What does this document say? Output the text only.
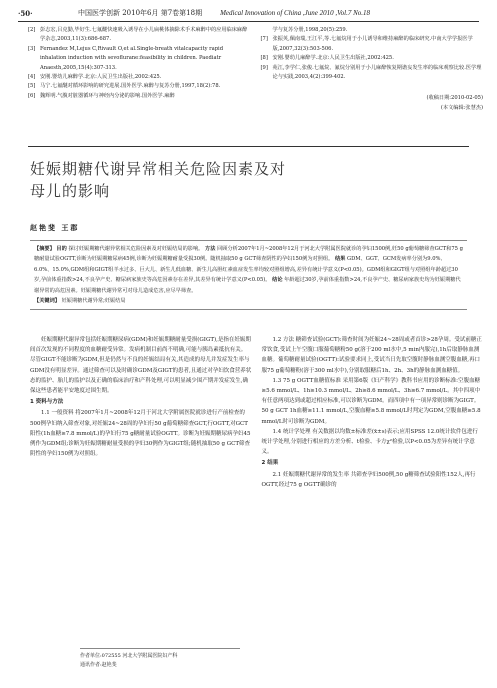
·50·	中国医学创新 2010年6月 第7卷第18期	Medical Innovation of China ,June 2010 ,Vol.7 No.18
[2] 彭志宏,吕克勤,毕好生.七氟醚快速吸入诱导在小儿扁桃体摘除术手术麻醉中的应用临床麻醉学杂志,2003,11(3):686-687.
[3] Fernandez M,Lejus C,Rivault O,et al.Single-breath vitalcapacity rapid inhalation induction with sevoflurane:feasibility in children. Paediatr Anaesth,2005,15(4):307-313.
[4] 安刚.婴幼儿麻醉学.北京:人民卫生出版社,2002:425.
[5] 马宁.七氟醚对循环影响的研究进展.国外医学.麻醉与复苏分册,1997,18(2):78.
[6] 魏辉明.气腹对脏器循环与神经内分泌的影响.国外医学.麻醉
学与复苏分册,1998,20(5):259.
[7] 张振英,佩南瑞,王江平,等.七氟烷用于小儿诱导和维持麻醉的临床研究.中南大学学报医学版,2007,32(3):503-506.
[8] 安刚.婴幼儿麻醉学.北京:人民卫生出版社,2002:425.
[9] 苑江,李学仁,张俊.七氟烷、氟烷分别用于小儿麻醉恢复期谵妄发生率的临床观察比较.医学理论与实践,2003,4(2):399-402.
(收稿日期:2010-02-05)
(本文编辑:张慧杰)
妊娠期糖代谢异常相关危险因素及对
母儿的影响
赵艳斐 王郡
【摘要】 目的 探讨妊娠期糖代谢异常相关危险因素及对妊娠结局的影响。 方法 回顾分析2007年1月~2008年12月于河北大学附属医院就诊的孕妇1500例,妊50 g葡萄糖筛查GCT和75 g糖耐量试验OGTT,诊断为妊娠期糖尿病45例,诊断为妊娠期糖耐量受损30例。随机抽取50 g GCT筛查阴性的孕妇150例为对照组。 结果 GDM、GGT、GCM发病率分别为9.0%、6.0%、15.0%,GDM组和GIGT组羊水过多、巨大儿、新生儿低血糖、新生儿高胆红素血症发生率均较对照组增高,差异有统计学意义(P<0.05)。GDM组和GIGT组与对照组年龄超过30岁,孕前体重指数>24,不良孕产史、糖尿病家族史等高危因素存在差异,其差异有统计学意义(P<0.05)。 结论 年龄超过30岁,孕前体重指数>24,不良孕产史、糖尿病家族史均为妊娠期糖代谢异常的高危因素。妊娠期糖代谢异常可对母儿造成危害,应尽早筛查。
【关键词】 妊娠期糖代谢异常;妊娠结局

妊娠期糖代谢异常包括妊娠期糖尿病(GDM)和妊娠期糖耐量受损(GIGT),是指在妊娠期间首次发现的不同程度的血糖耐受异常。发病机制目前尚不明确,可能与胰岛素抵抗有关。尽管GIGT不能诊断为GDM,但是仍然与不良的妊娠结局有关,其造成的母儿并发症发生率与GDM没有明显差异。通过筛查可以及时确诊GDM及GIGT的患者,且通过对孕妇饮食营养状态的监护、胎儿的监护以及正确的临床治疗和产科处理,可以明显减少围产期并发症发生,确保这些患者能平安地度过围生期。

1 资料与方法

1.1 一般资料 将2007年1月~2008年12月于河北大学附属医院就诊进行产前检查的500例孕妇纳入筛查对象,对妊娠24~28周的孕妇行50 g葡萄糖筛查GCT,行OGTT,对GCT阳性(1h血糖≥7.8 mmol/L)的孕妇行75 g糖耐量试验OGTT。诊断为妊娠期糖尿病孕妇45例作为GDM组;诊断为妊娠期糖耐量受损的孕妇30例作为GIGT组;随机抽取50 g GCT筛查阴性的孕妇150例为对照组。

1.2 方法 糖筛查试验(GCT):筛查时间为妊娠24~28周或者首诊>28孕周。受试前糖正常饮食,受试上午空腹口服葡萄糖粉50 g(溶于200 ml水中,5 min内服完),1h后取静脉血测血糖。葡萄糖耐量试验(OGTT):试验要求同上,受试当日先取空腹时静脉血测空腹血糖,再口服75 g葡萄糖粉(溶于300 ml水中),分别取服糖后1h、2h、3h的静脉血测血糖值。

1.3 75 g OGTT血糖值标准 采用第6版《妇产科学》教科书应用的诊断标准:空腹血糖≥5.6 mmol/L、1h≥10.3 mmol/L、2h≥8.6 mmol/L、3h≥6.7 mmol/L。其中四项中有任意两项达到或超过相应标准,可以诊断为GDM。而四项中有一项异常则诊断为GIGT。50 g GCT 1h血糖≥11.1 mmol/L,空腹血糖≥5.8 mmol/L时判定为GDM,空腹血糖≥5.8 mmol/L时可诊断为GDM。

1.4 统计学处理 有关数据以均数±标准差(x̄±s)表示;应用SPSS 12.0统计软件包进行统计学处理,分别进行相应的方差分析、t检验、卡方χ²检验,以P<0.05为差异有统计学意义。

2 结果

2.1 妊娠期糖代谢异常的发生率 共筛查孕妇500例,50 g糖筛查试验阳性152人,再行OGTT,经过75 g OGTT确诊的

作者单位:072555 河北大学附属医院妇产科
通讯作者:赵艳斐
